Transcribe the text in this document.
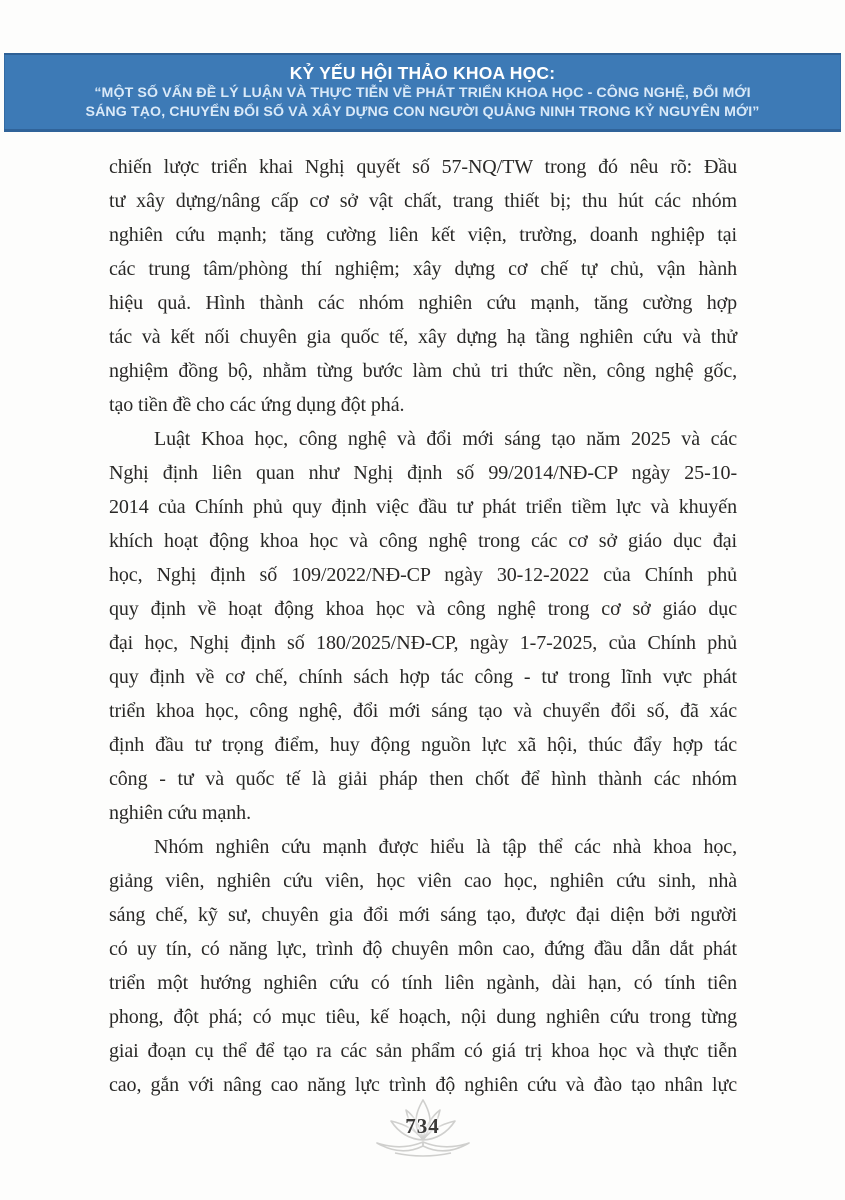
KỶ YẾU HỘI THẢO KHOA HỌC:
“MỘT SỐ VẤN ĐỀ LÝ LUẬN VÀ THỰC TIỄN VỀ PHÁT TRIỂN KHOA HỌC - CÔNG NGHỆ, ĐỔI MỚI
SÁNG TẠO, CHUYỂN ĐỔI SỐ VÀ XÂY DỰNG CON NGƯỜI QUẢNG NINH TRONG KỶ NGUYÊN MỚI”

chiến lược triển khai Nghị quyết số 57-NQ/TW trong đó nêu rõ: Đầu
tư xây dựng/nâng cấp cơ sở vật chất, trang thiết bị; thu hút các nhóm
nghiên cứu mạnh; tăng cường liên kết viện, trường, doanh nghiệp tại
các trung tâm/phòng thí nghiệm; xây dựng cơ chế tự chủ, vận hành
hiệu quả. Hình thành các nhóm nghiên cứu mạnh, tăng cường hợp
tác và kết nối chuyên gia quốc tế, xây dựng hạ tầng nghiên cứu và thử
nghiệm đồng bộ, nhằm từng bước làm chủ tri thức nền, công nghệ gốc,
tạo tiền đề cho các ứng dụng đột phá.

Luật Khoa học, công nghệ và đổi mới sáng tạo năm 2025 và các
Nghị định liên quan như Nghị định số 99/2014/NĐ-CP ngày 25-10-
2014 của Chính phủ quy định việc đầu tư phát triển tiềm lực và khuyến
khích hoạt động khoa học và công nghệ trong các cơ sở giáo dục đại
học, Nghị định số 109/2022/NĐ-CP ngày 30-12-2022 của Chính phủ
quy định về hoạt động khoa học và công nghệ trong cơ sở giáo dục
đại học, Nghị định số 180/2025/NĐ-CP, ngày 1-7-2025, của Chính phủ
quy định về cơ chế, chính sách hợp tác công - tư trong lĩnh vực phát
triển khoa học, công nghệ, đổi mới sáng tạo và chuyển đổi số, đã xác
định đầu tư trọng điểm, huy động nguồn lực xã hội, thúc đẩy hợp tác
công - tư và quốc tế là giải pháp then chốt để hình thành các nhóm
nghiên cứu mạnh.

Nhóm nghiên cứu mạnh được hiểu là tập thể các nhà khoa học,
giảng viên, nghiên cứu viên, học viên cao học, nghiên cứu sinh, nhà
sáng chế, kỹ sư, chuyên gia đổi mới sáng tạo, được đại diện bởi người
có uy tín, có năng lực, trình độ chuyên môn cao, đứng đầu dẫn dắt phát
triển một hướng nghiên cứu có tính liên ngành, dài hạn, có tính tiên
phong, đột phá; có mục tiêu, kế hoạch, nội dung nghiên cứu trong từng
giai đoạn cụ thể để tạo ra các sản phẩm có giá trị khoa học và thực tiễn
cao, gắn với nâng cao năng lực trình độ nghiên cứu và đào tạo nhân lực

734
